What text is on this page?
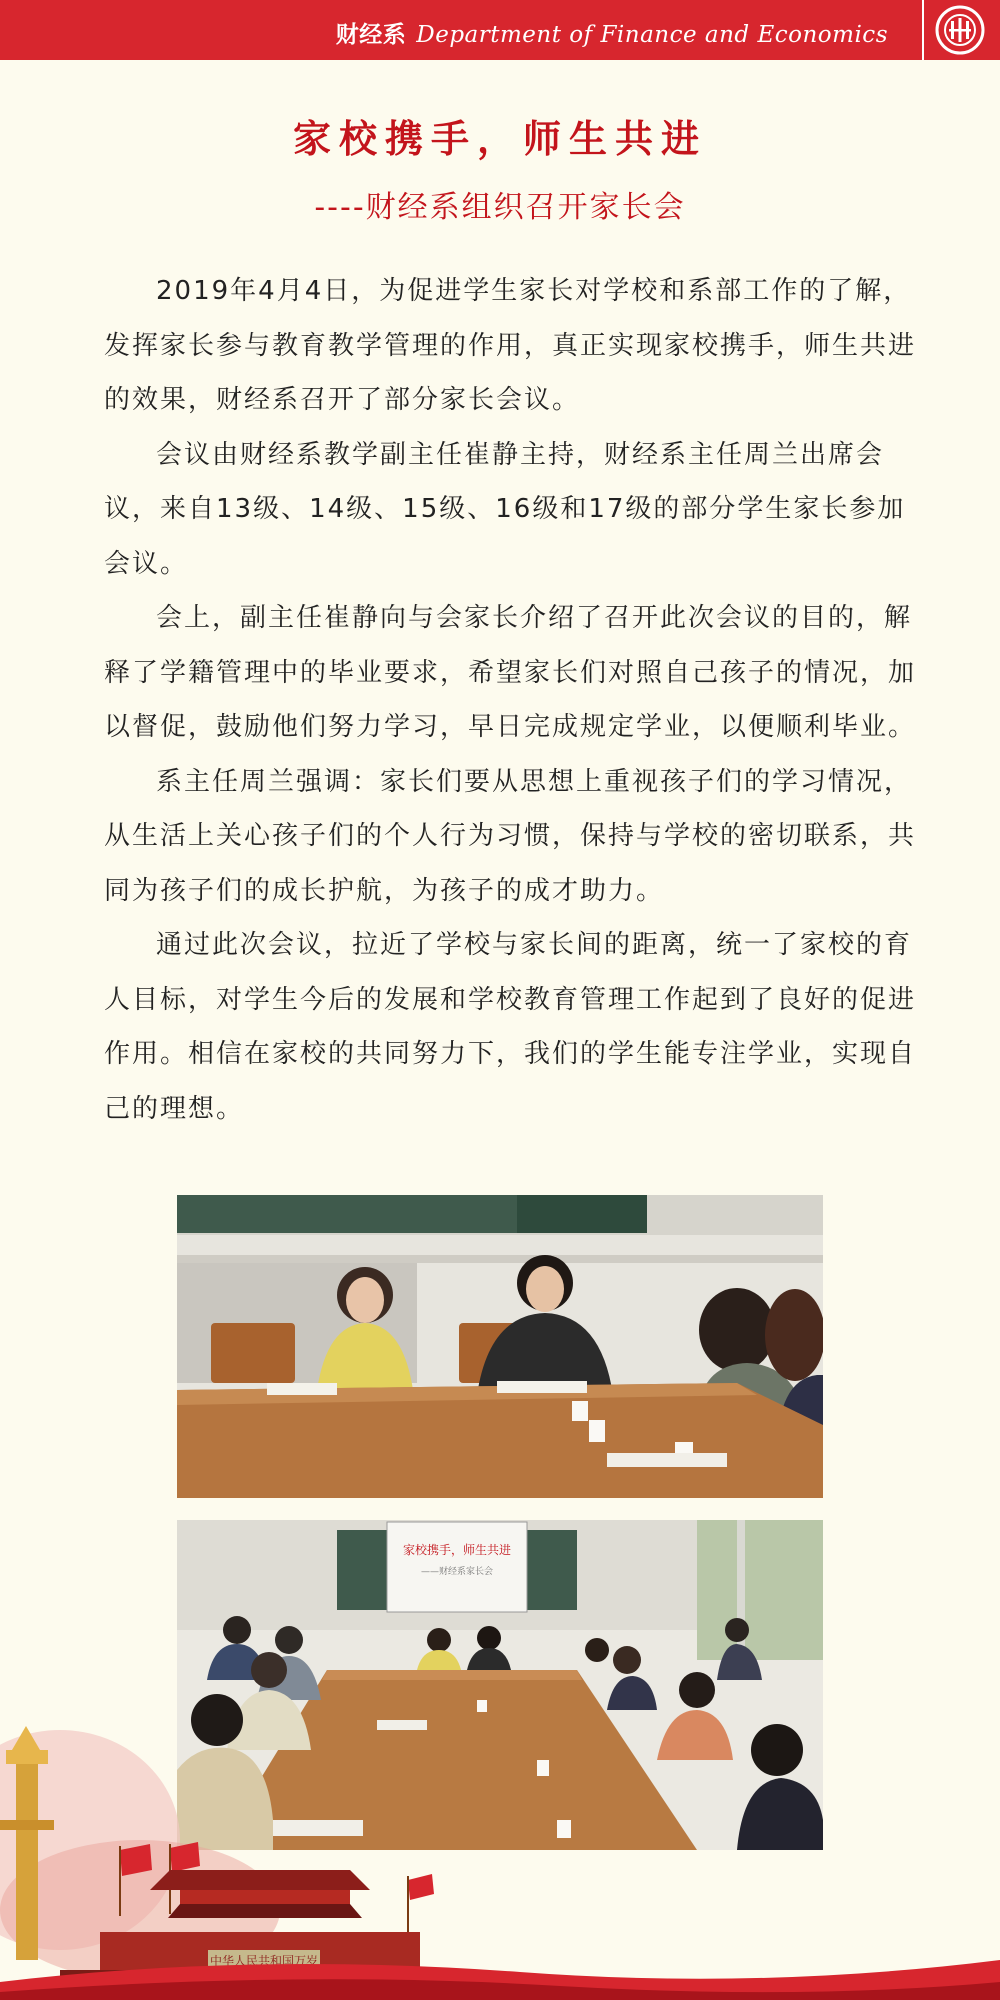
财经系 Department of Finance and Economics
家校携手，师生共进
----财经系组织召开家长会

2019年4月4日，为促进学生家长对学校和系部工作的了解，发挥家长参与教育教学管理的作用，真正实现家校携手，师生共进的效果，财经系召开了部分家长会议。

会议由财经系教学副主任崔静主持，财经系主任周兰出席会议，来自13级、14级、15级、16级和17级的部分学生家长参加会议。

会上，副主任崔静向与会家长介绍了召开此次会议的目的，解释了学籍管理中的毕业要求，希望家长们对照自己孩子的情况，加以督促，鼓励他们努力学习，早日完成规定学业，以便顺利毕业。

系主任周兰强调：家长们要从思想上重视孩子们的学习情况，从生活上关心孩子们的个人行为习惯，保持与学校的密切联系，共同为孩子们的成长护航，为孩子的成才助力。

通过此次会议，拉近了学校与家长间的距离，统一了家校的育人目标，对学生今后的发展和学校教育管理工作起到了良好的促进作用。相信在家校的共同努力下，我们的学生能专注学业，实现自己的理想。

家校携手，师生共进
——财经系家长会
中华人民共和国万岁
